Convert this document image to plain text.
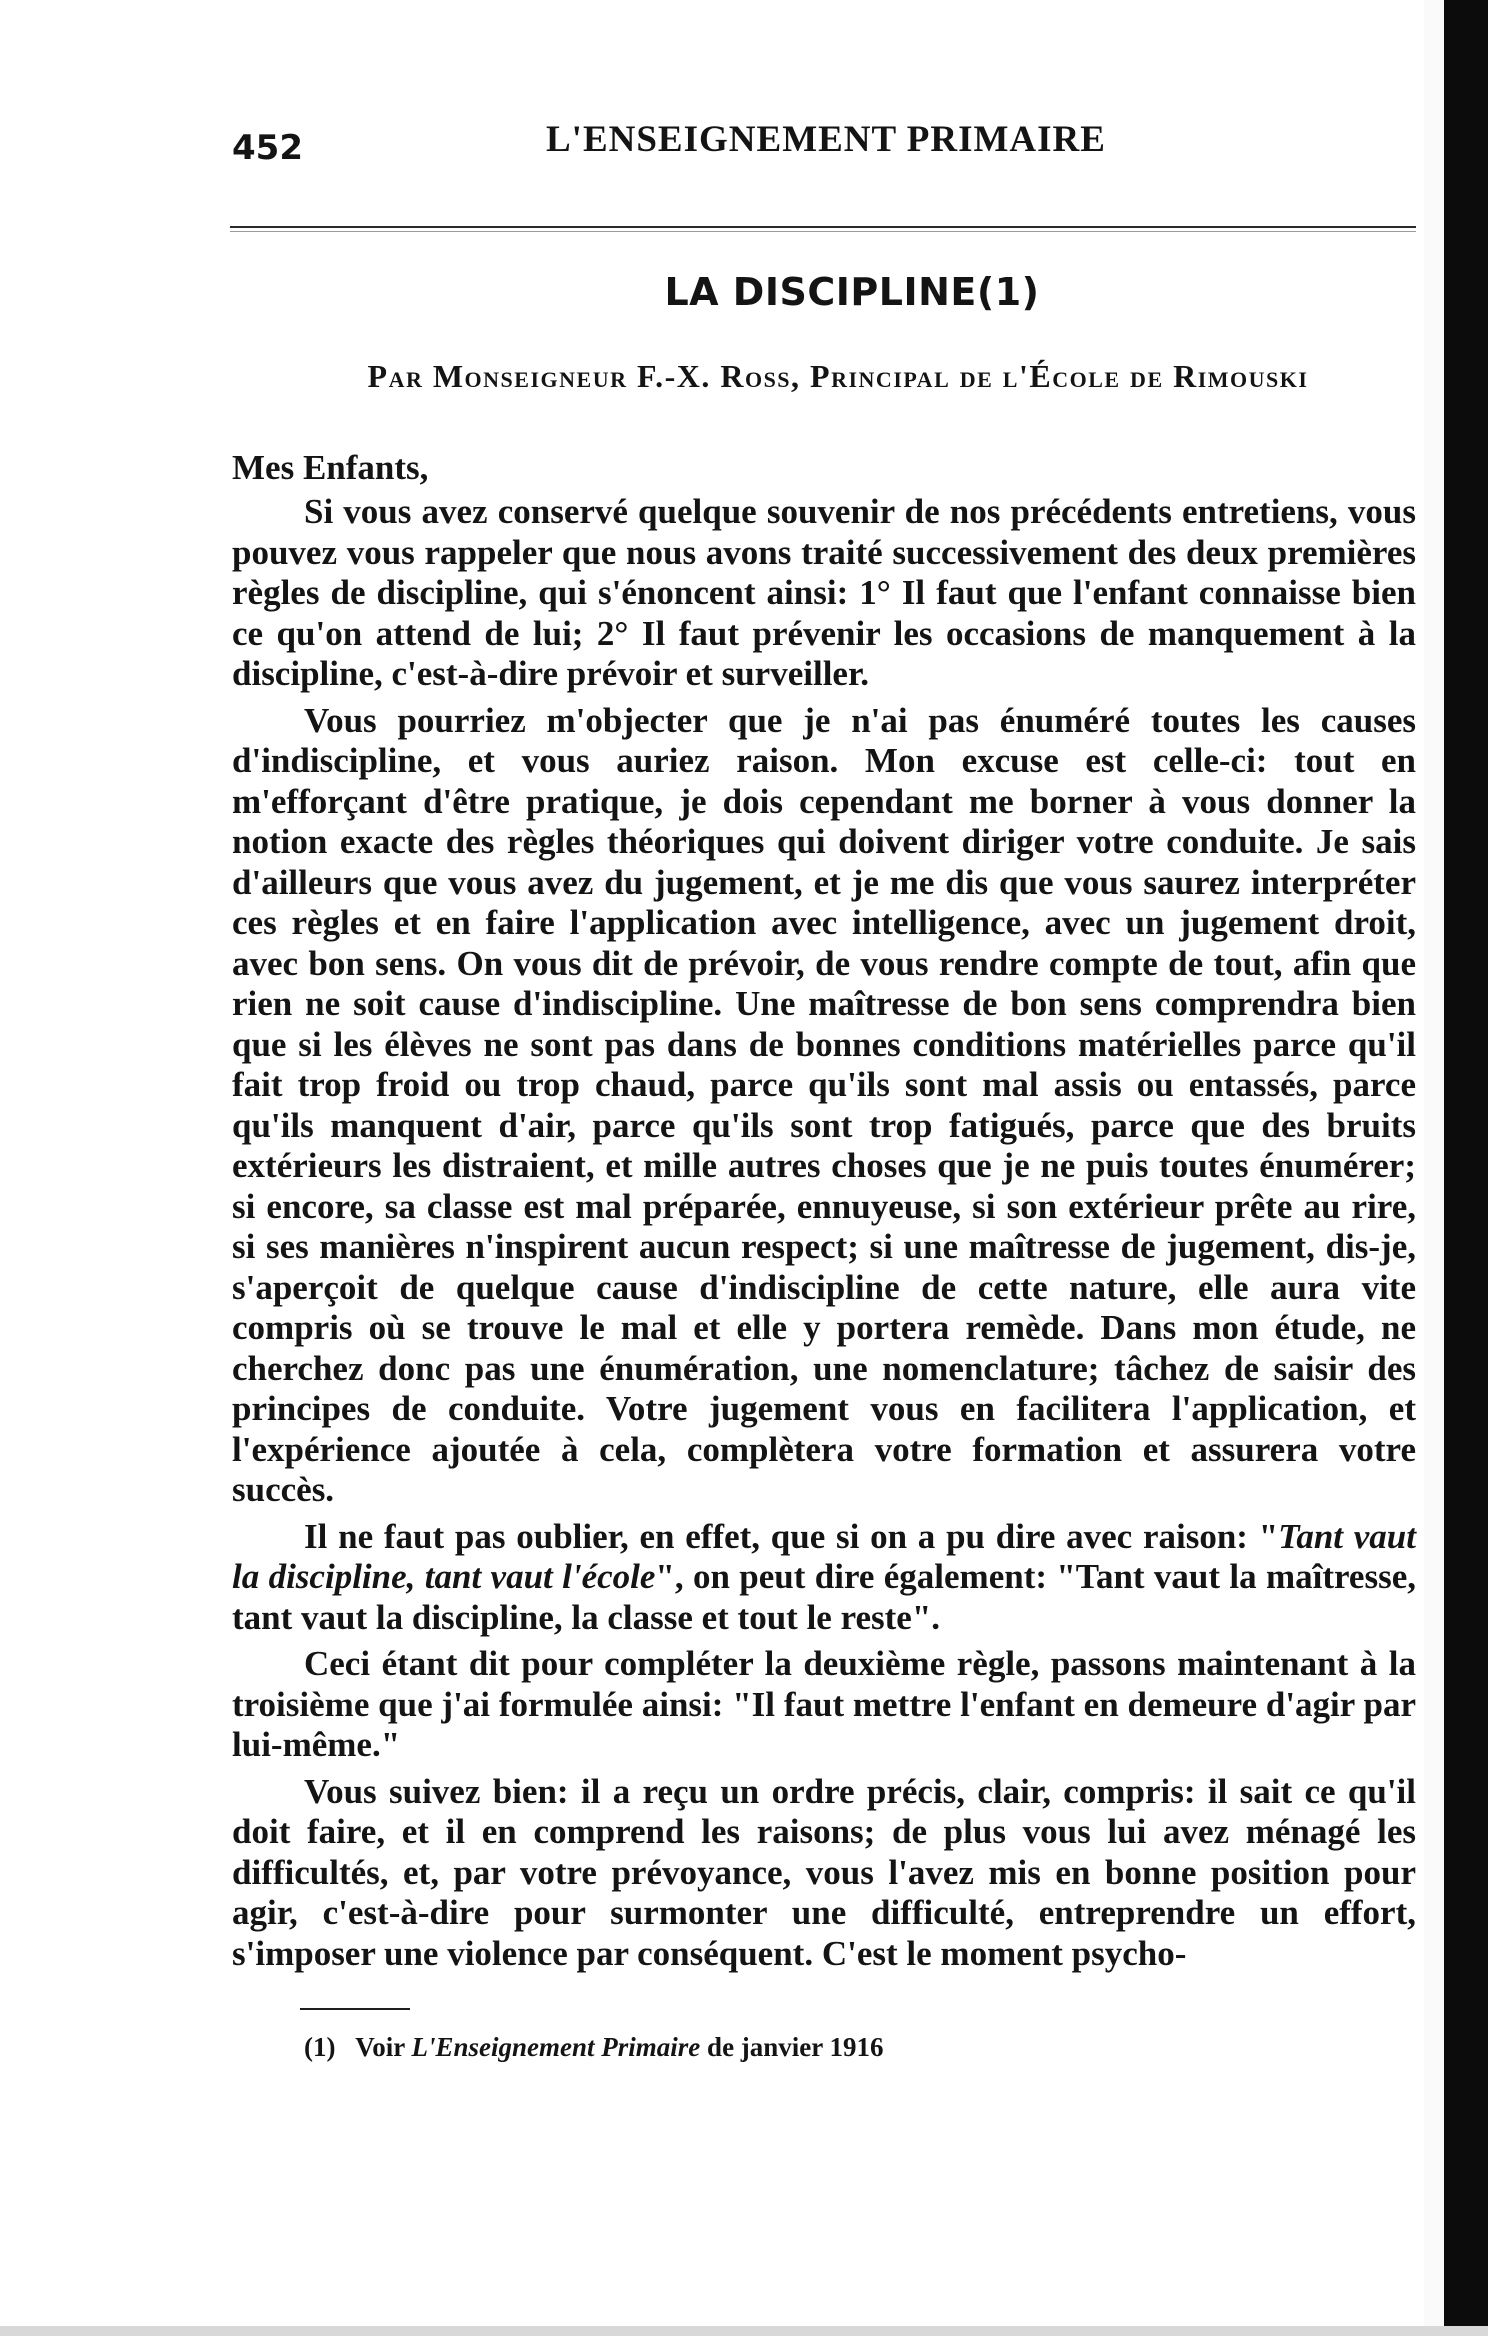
452	L'ENSEIGNEMENT PRIMAIRE
LA DISCIPLINE(1)
Par Monseigneur F.-X. Ross, Principal de l'École de Rimouski
Mes Enfants,

Si vous avez conservé quelque souvenir de nos précédents entretiens, vous pouvez vous rappeler que nous avons traité successivement des deux premières règles de discipline, qui s'énoncent ainsi: 1° Il faut que l'enfant connaisse bien ce qu'on attend de lui; 2° Il faut prévenir les occasions de manquement à la discipline, c'est-à-dire prévoir et surveiller.

Vous pourriez m'objecter que je n'ai pas énuméré toutes les causes d'indiscipline, et vous auriez raison. Mon excuse est celle-ci: tout en m'efforçant d'être pratique, je dois cependant me borner à vous donner la notion exacte des règles théoriques qui doivent diriger votre conduite. Je sais d'ailleurs que vous avez du jugement, et je me dis que vous saurez interpréter ces règles et en faire l'application avec intelligence, avec un jugement droit, avec bon sens. On vous dit de prévoir, de vous rendre compte de tout, afin que rien ne soit cause d'indiscipline. Une maîtresse de bon sens comprendra bien que si les élèves ne sont pas dans de bonnes conditions matérielles parce qu'il fait trop froid ou trop chaud, parce qu'ils sont mal assis ou entassés, parce qu'ils manquent d'air, parce qu'ils sont trop fatigués, parce que des bruits extérieurs les distraient, et mille autres choses que je ne puis toutes énumérer; si encore, sa classe est mal préparée, ennuyeuse, si son extérieur prête au rire, si ses manières n'inspirent aucun respect; si une maîtresse de jugement, dis-je, s'aperçoit de quelque cause d'indiscipline de cette nature, elle aura vite compris où se trouve le mal et elle y portera remède. Dans mon étude, ne cherchez donc pas une énumération, une nomenclature; tâchez de saisir des principes de conduite. Votre jugement vous en facilitera l'application, et l'expérience ajoutée à cela, complètera votre formation et assurera votre succès.

Il ne faut pas oublier, en effet, que si on a pu dire avec raison: "Tant vaut la discipline, tant vaut l'école", on peut dire également: "Tant vaut la maîtresse, tant vaut la discipline, la classe et tout le reste".

Ceci étant dit pour compléter la deuxième règle, passons maintenant à la troisième que j'ai formulée ainsi: "Il faut mettre l'enfant en demeure d'agir par lui-même."

Vous suivez bien: il a reçu un ordre précis, clair, compris: il sait ce qu'il doit faire, et il en comprend les raisons; de plus vous lui avez ménagé les difficultés, et, par votre prévoyance, vous l'avez mis en bonne position pour agir, c'est-à-dire pour surmonter une difficulté, entreprendre un effort, s'imposer une violence par conséquent. C'est le moment psycho-

(1) Voir L'Enseignement Primaire de janvier 1916
